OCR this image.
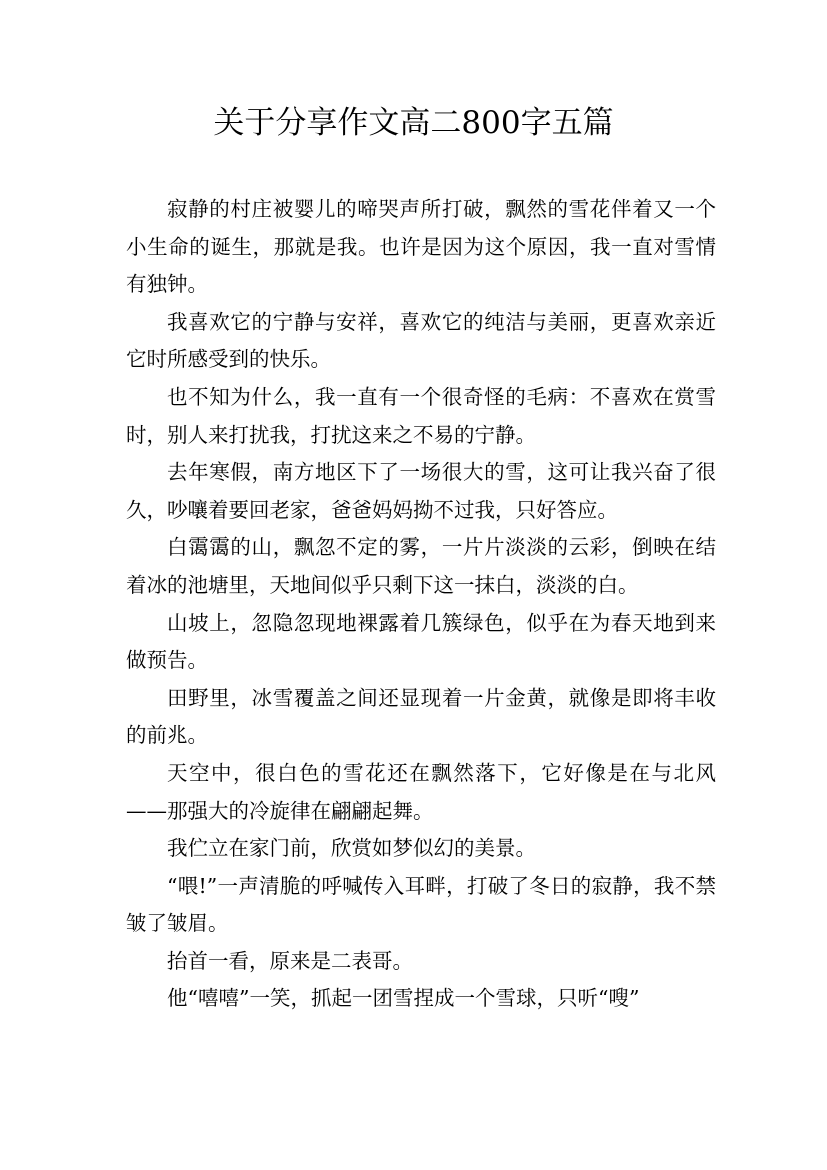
关于分享作文高二800字五篇

寂静的村庄被婴儿的啼哭声所打破，飘然的雪花伴着又一个小生命的诞生，那就是我。也许是因为这个原因，我一直对雪情有独钟。

我喜欢它的宁静与安祥，喜欢它的纯洁与美丽，更喜欢亲近它时所感受到的快乐。

也不知为什么，我一直有一个很奇怪的毛病：不喜欢在赏雪时，别人来打扰我，打扰这来之不易的宁静。

去年寒假，南方地区下了一场很大的雪，这可让我兴奋了很久，吵嚷着要回老家，爸爸妈妈拗不过我，只好答应。

白霭霭的山，飘忽不定的雾，一片片淡淡的云彩，倒映在结着冰的池塘里，天地间似乎只剩下这一抹白，淡淡的白。

山坡上，忽隐忽现地裸露着几簇绿色，似乎在为春天地到来做预告。

田野里，冰雪覆盖之间还显现着一片金黄，就像是即将丰收的前兆。

天空中，很白色的雪花还在飘然落下，它好像是在与北风——那强大的冷旋律在翩翩起舞。

我伫立在家门前，欣赏如梦似幻的美景。

“喂!”一声清脆的呼喊传入耳畔，打破了冬日的寂静，我不禁皱了皱眉。

抬首一看，原来是二表哥。

他“嘻嘻”一笑，抓起一团雪捏成一个雪球，只听“嗖”
